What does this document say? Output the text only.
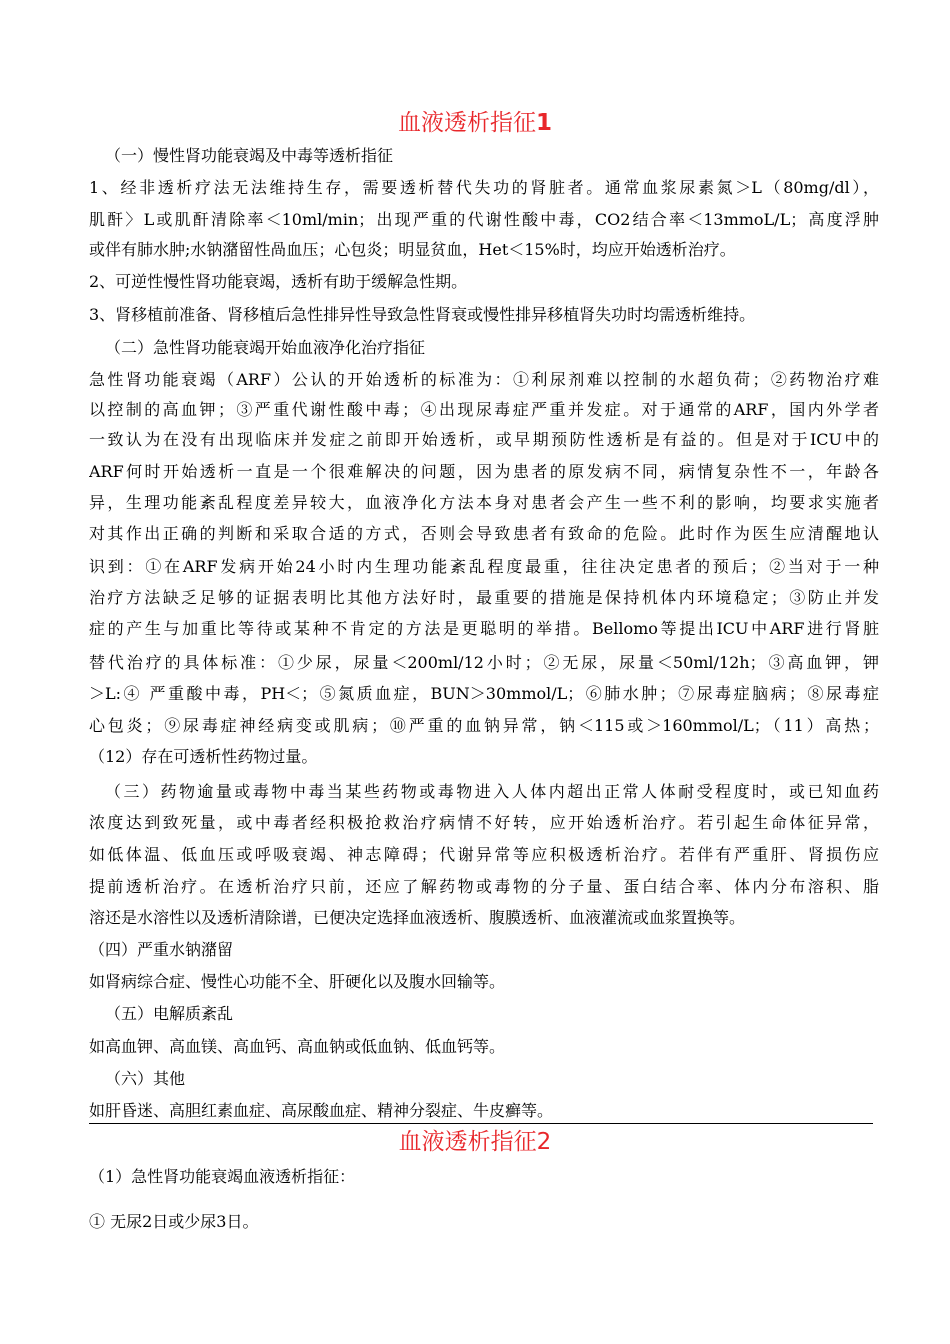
血液透析指征1
（一）慢性肾功能衰竭及中毒等透析指征
1、经非透析疗法无法维持生存，需要透析替代失功的肾脏者。通常血浆尿素氮＞L（80mg/dl），
肌酐〉L或肌酐清除率＜10ml/min；出现严重的代谢性酸中毒，CO2结合率＜13mmoL/L；高度浮肿
或伴有肺水肿;水钠潴留性咼血压；心包炎；明显贫血，Het＜15%时，均应开始透析治疗。
2、可逆性慢性肾功能衰竭，透析有助于缓解急性期。
3、肾移植前准备、肾移植后急性排异性导致急性肾衰或慢性排异移植肾失功时均需透析维持。
（二）急性肾功能衰竭开始血液净化治疗指征
急性肾功能衰竭（ARF）公认的开始透析的标准为：①利尿剂难以控制的水超负荷；②药物治疗难
以控制的高血钾；③严重代谢性酸中毒；④出现尿毒症严重并发症。对于通常的ARF，国内外学者
一致认为在没有出现临床并发症之前即开始透析，或早期预防性透析是有益的。但是对于ICU中的
ARF何时开始透析一直是一个很难解决的问题，因为患者的原发病不同，病情复杂性不一，年龄各
异，生理功能紊乱程度差异较大，血液净化方法本身对患者会产生一些不利的影响，均要求实施者
对其作出正确的判断和采取合适的方式，否则会导致患者有致命的危险。此时作为医生应清醒地认
识到：①在ARF发病开始24小时内生理功能紊乱程度最重，往往决定患者的预后；②当对于一种
治疗方法缺乏足够的证据表明比其他方法好时，最重要的措施是保持机体内环境稳定；③防止并发
症的产生与加重比等待或某种不肯定的方法是更聪明的举措。Bellomo等提出ICU中ARF进行肾脏
替代治疗的具体标准：①少尿，尿量＜200ml/12小时；②无尿，尿量＜50ml/12h；③高血钾，钾
＞L:④ 严重酸中毒，PH＜；⑤氮质血症，BUN＞30mmol/L；⑥肺水肿；⑦尿毒症脑病；⑧尿毒症
心包炎；⑨尿毒症神经病变或肌病；⑩严重的血钠异常，钠＜115或＞160mmol/L；（11）高热；
（12）存在可透析性药物过量。
（三）药物逾量或毒物中毒当某些药物或毒物进入人体内超出正常人体耐受程度时，或已知血药
浓度达到致死量，或中毒者经积极抢救治疗病情不好转，应开始透析治疗。若引起生命体征异常，
如低体温、低血压或呼吸衰竭、神志障碍；代谢异常等应积极透析治疗。若伴有严重肝、肾损伤应
提前透析治疗。在透析治疗只前，还应了解药物或毒物的分子量、蛋白结合率、体内分布溶积、脂
溶还是水溶性以及透析清除谱，已便决定选择血液透析、腹膜透析、血液灌流或血浆置换等。
（四）严重水钠潴留
如肾病综合症、慢性心功能不全、肝硬化以及腹水回输等。
（五）电解质紊乱
如高血钾、高血镁、高血钙、高血钠或低血钠、低血钙等。
（六）其他
如肝昏迷、高胆红素血症、高尿酸血症、精神分裂症、牛皮癣等。
血液透析指征2
（1）急性肾功能衰竭血液透析指征：
① 无尿2日或少尿3日。
